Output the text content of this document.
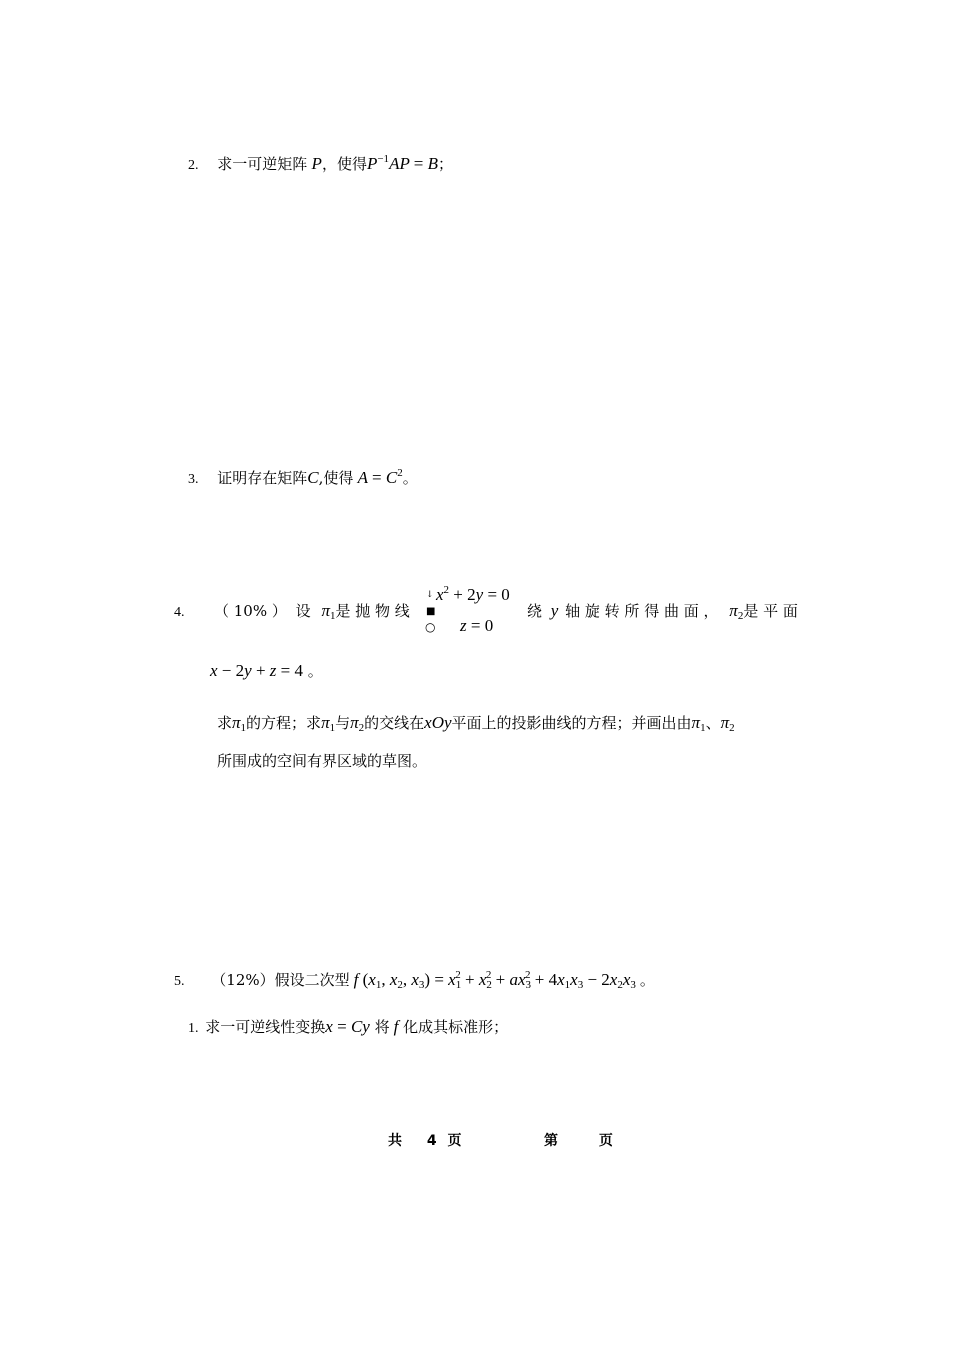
2. 求一可逆矩阵 P，使得$P^{-1}AP = B$；
3. 证明存在矩阵C,使得 $A = C^2$。
4. （ 10% ） 设 $\pi_1$是 抛 物 线
↓
■
○
$x^2 + 2y = 0$
z = 0
绕 y 轴 旋 转 所 得 曲 面 ， $\pi_2$是 平 面
x − 2y + z = 4 。
求$\pi_1$的方程；求$\pi_1$与$\pi_2$的交线在xOy平面上的投影曲线的方程；并画出由$\pi_1$、$\pi_2$
所围成的空间有界区域的草图。
5. （12%）假设二次型 f ($x_1$, $x_2$, $x_3) = x_1^2 + x_2^2 + ax_3^2 + 4x_1x_3 - 2x_2x_3$ 。
1. 求一可逆线性变换x = Cy 将 f 化成其标准形；
共 4 页	第	页
